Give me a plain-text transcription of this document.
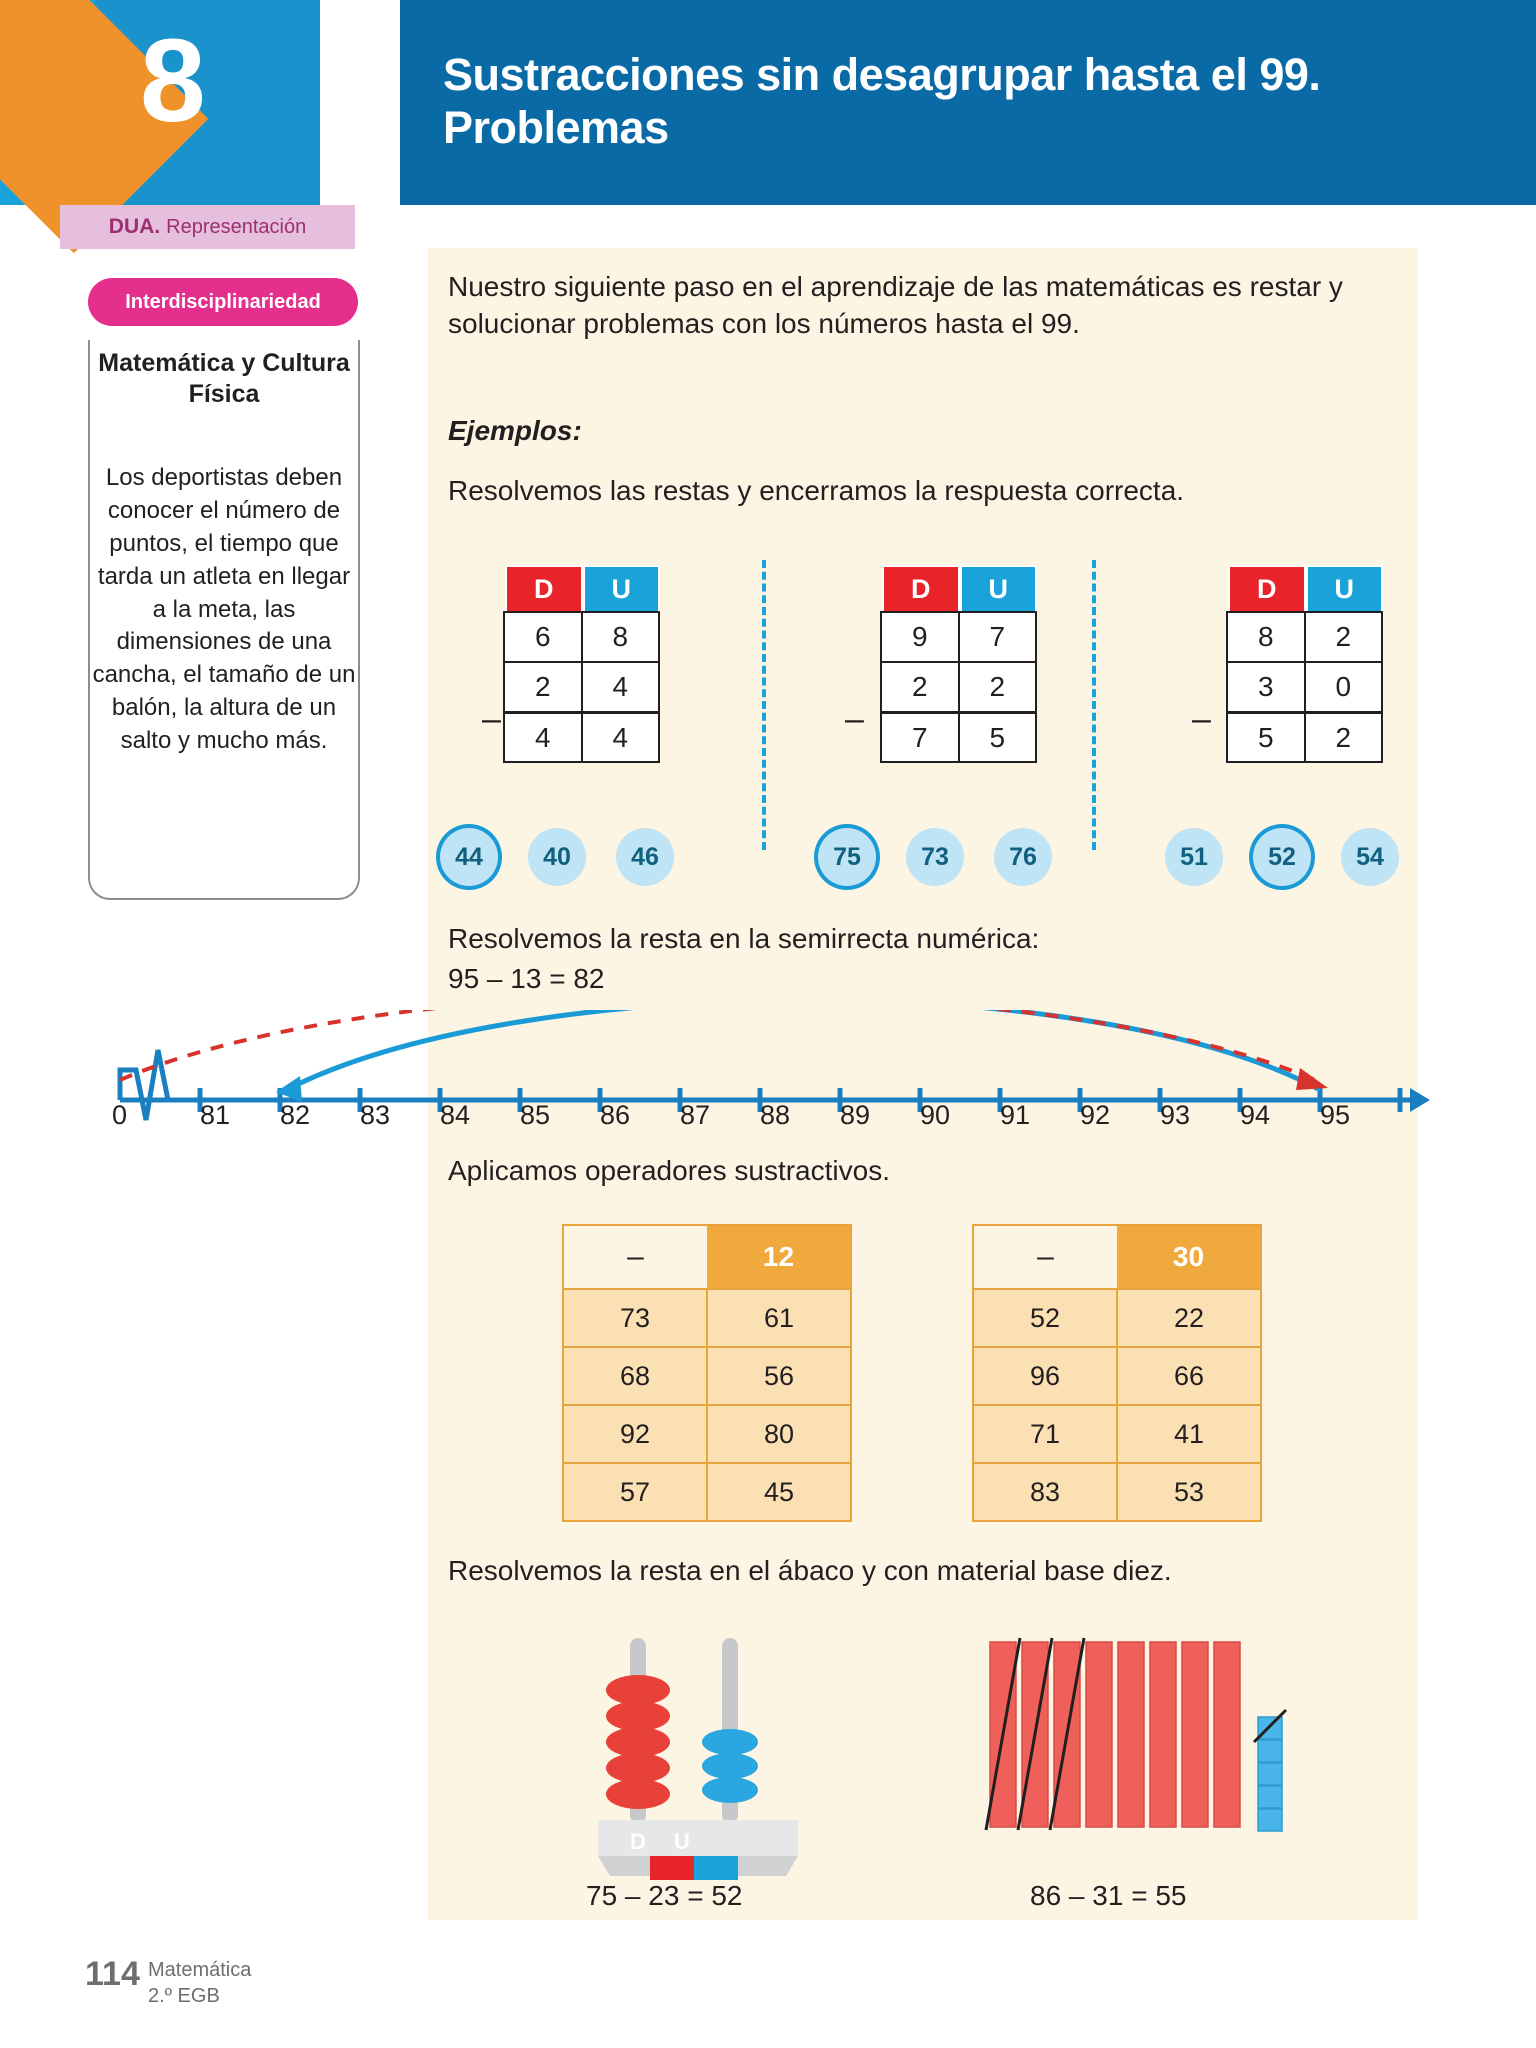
8	Sustracciones sin desagrupar hasta el 99. Problemas
DUA. Representación
Interdisciplinariedad
Matemática y Cultura Física
Los deportistas deben conocer el número de puntos, el tiempo que tarda un atleta en llegar a la meta, las dimensiones de una cancha, el tamaño de un balón, la altura de un salto y mucho más.
Nuestro siguiente paso en el aprendizaje de las matemáticas es restar y solucionar problemas con los números hasta el 99.
Ejemplos:
Resolvemos las restas y encerramos la respuesta correcta.
–
D	U
6	8
2	4
4	4
44	40	46
–
D	U
9	7
2	2
7	5
75	73	76
–
D	U
8	2
3	0
5	2
51	52	54
Resolvemos la resta en la semirrecta numérica:
95 – 13 = 82
0	81 82 83 84 85 86 87 88 89 90 91 92 93 94 95
Aplicamos operadores sustractivos.
–	12
73	61
68	56
92	80
57	45
–	30
52	22
96	66
71	41
83	53
Resolvemos la resta en el ábaco y con material base diez.
D	U
75 – 23 = 52	86 – 31 = 55
114 Matemática
2.º EGB
